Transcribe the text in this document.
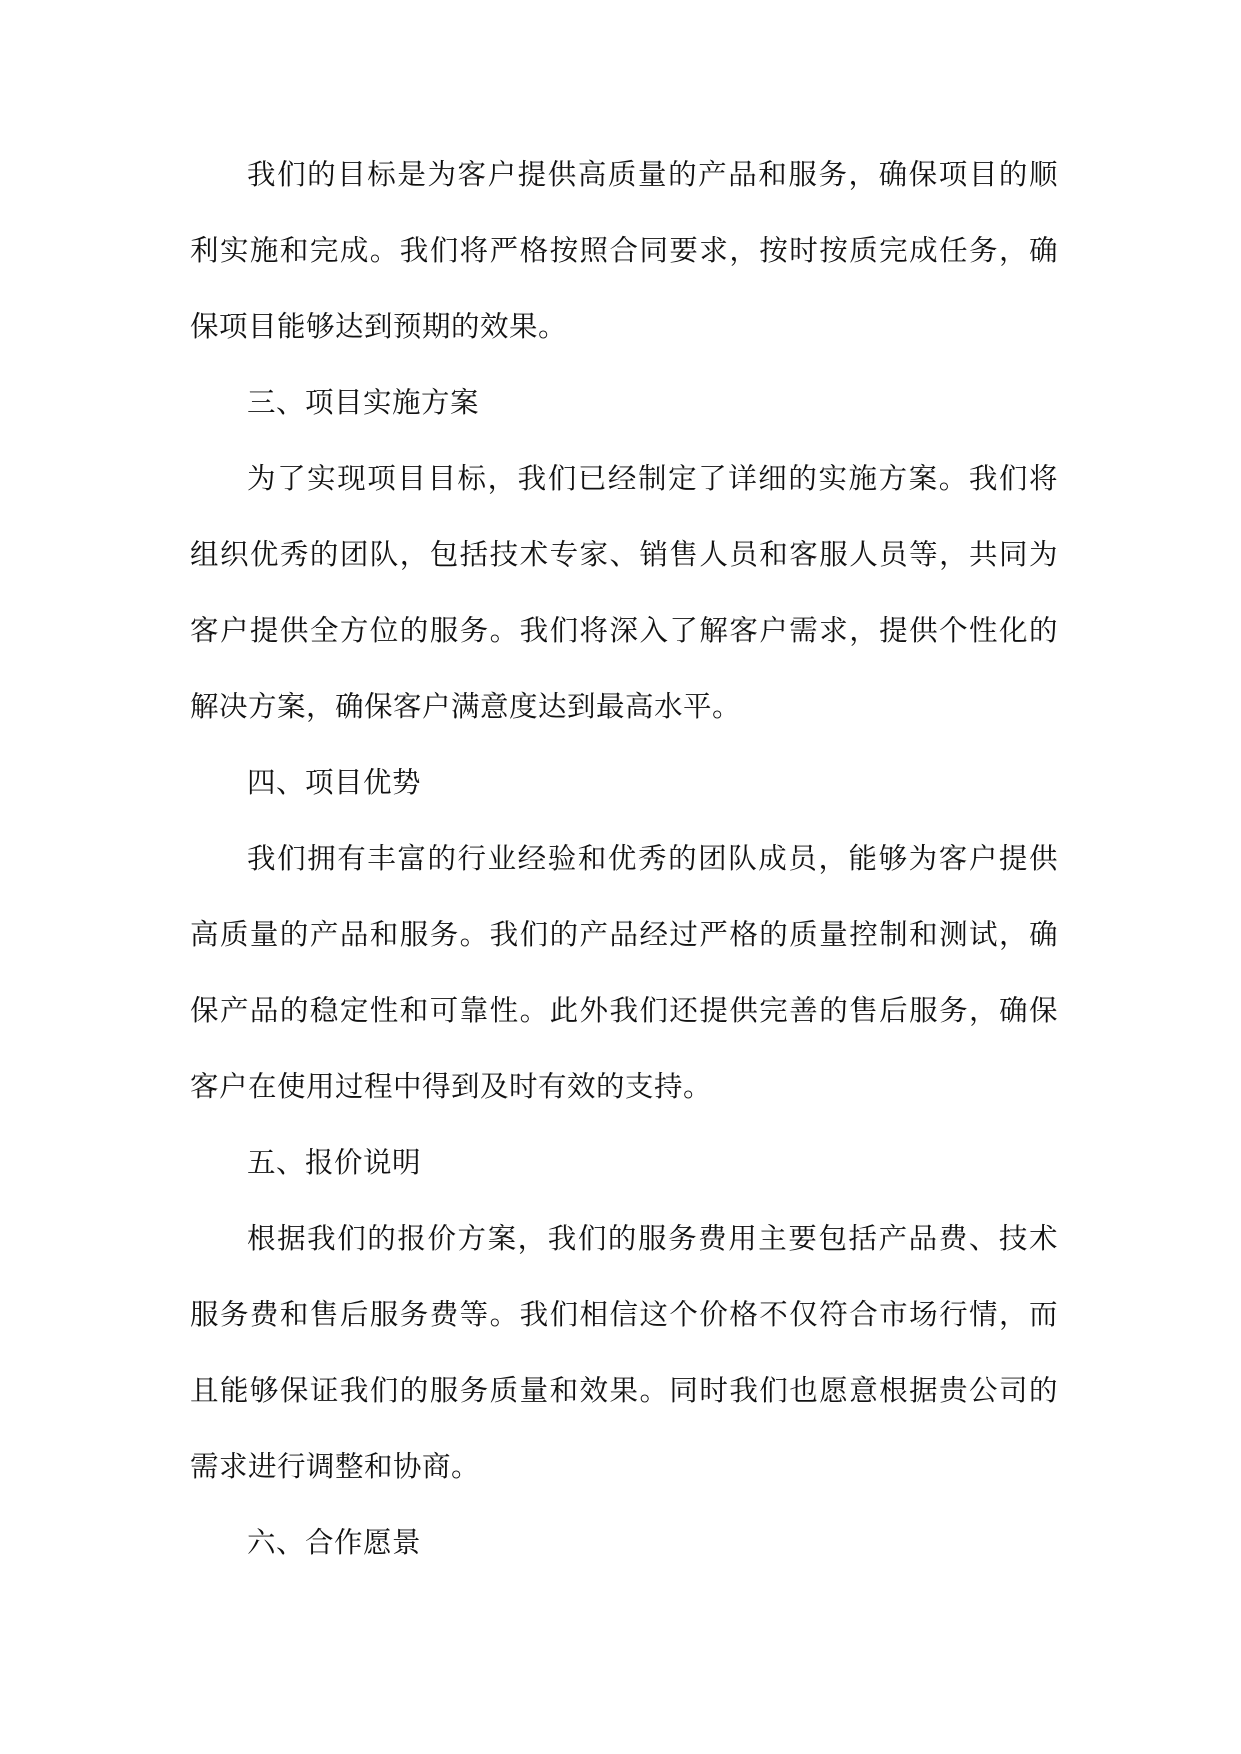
我们的目标是为客户提供高质量的产品和服务，确保项目的顺利实施和完成。我们将严格按照合同要求，按时按质完成任务，确保项目能够达到预期的效果。

三、项目实施方案

为了实现项目目标，我们已经制定了详细的实施方案。我们将组织优秀的团队，包括技术专家、销售人员和客服人员等，共同为客户提供全方位的服务。我们将深入了解客户需求，提供个性化的解决方案，确保客户满意度达到最高水平。

四、项目优势

我们拥有丰富的行业经验和优秀的团队成员，能够为客户提供高质量的产品和服务。我们的产品经过严格的质量控制和测试，确保产品的稳定性和可靠性。此外我们还提供完善的售后服务，确保客户在使用过程中得到及时有效的支持。

五、报价说明

根据我们的报价方案，我们的服务费用主要包括产品费、技术服务费和售后服务费等。我们相信这个价格不仅符合市场行情，而且能够保证我们的服务质量和效果。同时我们也愿意根据贵公司的需求进行调整和协商。

六、合作愿景
